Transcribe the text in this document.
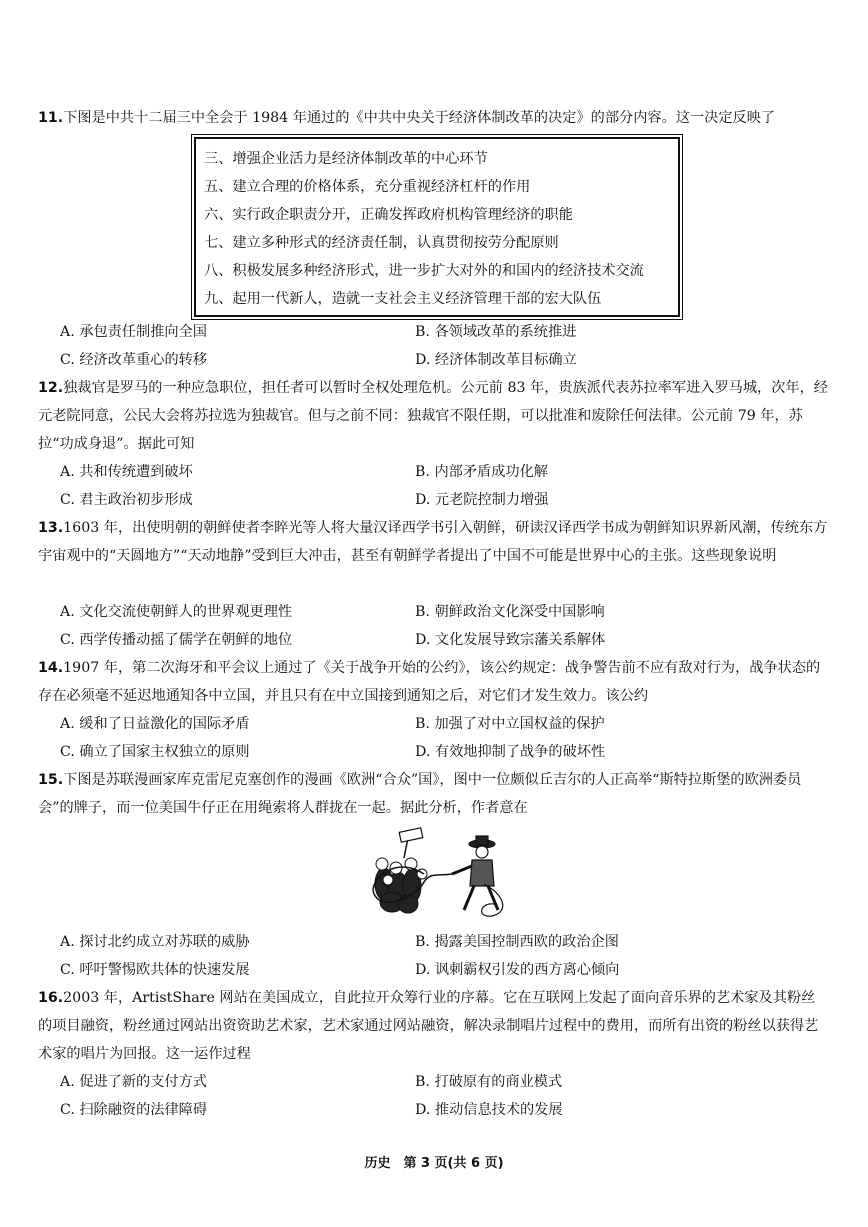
11.下图是中共十二届三中全会于 1984 年通过的《中共中央关于经济体制改革的决定》的部分内容。这一决定反映了
三、增强企业活力是经济体制改革的中心环节
五、建立合理的价格体系，充分重视经济杠杆的作用
六、实行政企职责分开，正确发挥政府机构管理经济的职能
七、建立多种形式的经济责任制，认真贯彻按劳分配原则
八、积极发展多种经济形式，进一步扩大对外的和国内的经济技术交流
九、起用一代新人，造就一支社会主义经济管理干部的宏大队伍
A. 承包责任制推向全国	B. 各领域改革的系统推进
C. 经济改革重心的转移	D. 经济体制改革目标确立
12.独裁官是罗马的一种应急职位，担任者可以暂时全权处理危机。公元前 83 年，贵族派代表苏拉率军进入罗马城，次年，经元老院同意，公民大会将苏拉选为独裁官。但与之前不同：独裁官不限任期，可以批准和废除任何法律。公元前 79 年，苏拉“功成身退”。据此可知
A. 共和传统遭到破坏	B. 内部矛盾成功化解
C. 君主政治初步形成	D. 元老院控制力增强
13.1603 年，出使明朝的朝鲜使者李睟光等人将大量汉译西学书引入朝鲜，研读汉译西学书成为朝鲜知识界新风潮，传统东方宇宙观中的“天圆地方”“天动地静”受到巨大冲击，甚至有朝鲜学者提出了中国不可能是世界中心的主张。这些现象说明
A. 文化交流使朝鲜人的世界观更理性	B. 朝鲜政治文化深受中国影响
C. 西学传播动摇了儒学在朝鲜的地位	D. 文化发展导致宗藩关系解体
14.1907 年，第二次海牙和平会议上通过了《关于战争开始的公约》，该公约规定：战争警告前不应有敌对行为，战争状态的存在必须毫不延迟地通知各中立国，并且只有在中立国接到通知之后，对它们才发生效力。该公约
A. 缓和了日益激化的国际矛盾	B. 加强了对中立国权益的保护
C. 确立了国家主权独立的原则	D. 有效地抑制了战争的破坏性
15.下图是苏联漫画家库克雷尼克塞创作的漫画《欧洲“合众”国》，图中一位颇似丘吉尔的人正高举“斯特拉斯堡的欧洲委员会”的牌子，而一位美国牛仔正在用绳索将人群拢在一起。据此分析，作者意在
A. 探讨北约成立对苏联的威胁	B. 揭露美国控制西欧的政治企图
C. 呼吁警惕欧共体的快速发展	D. 讽刺霸权引发的西方离心倾向
16.2003 年，ArtistShare 网站在美国成立，自此拉开众筹行业的序幕。它在互联网上发起了面向音乐界的艺术家及其粉丝的项目融资，粉丝通过网站出资资助艺术家，艺术家通过网站融资，解决录制唱片过程中的费用，而所有出资的粉丝以获得艺术家的唱片为回报。这一运作过程
A. 促进了新的支付方式	B. 打破原有的商业模式
C. 扫除融资的法律障碍	D. 推动信息技术的发展
历史　第 3 页(共 6 页)
